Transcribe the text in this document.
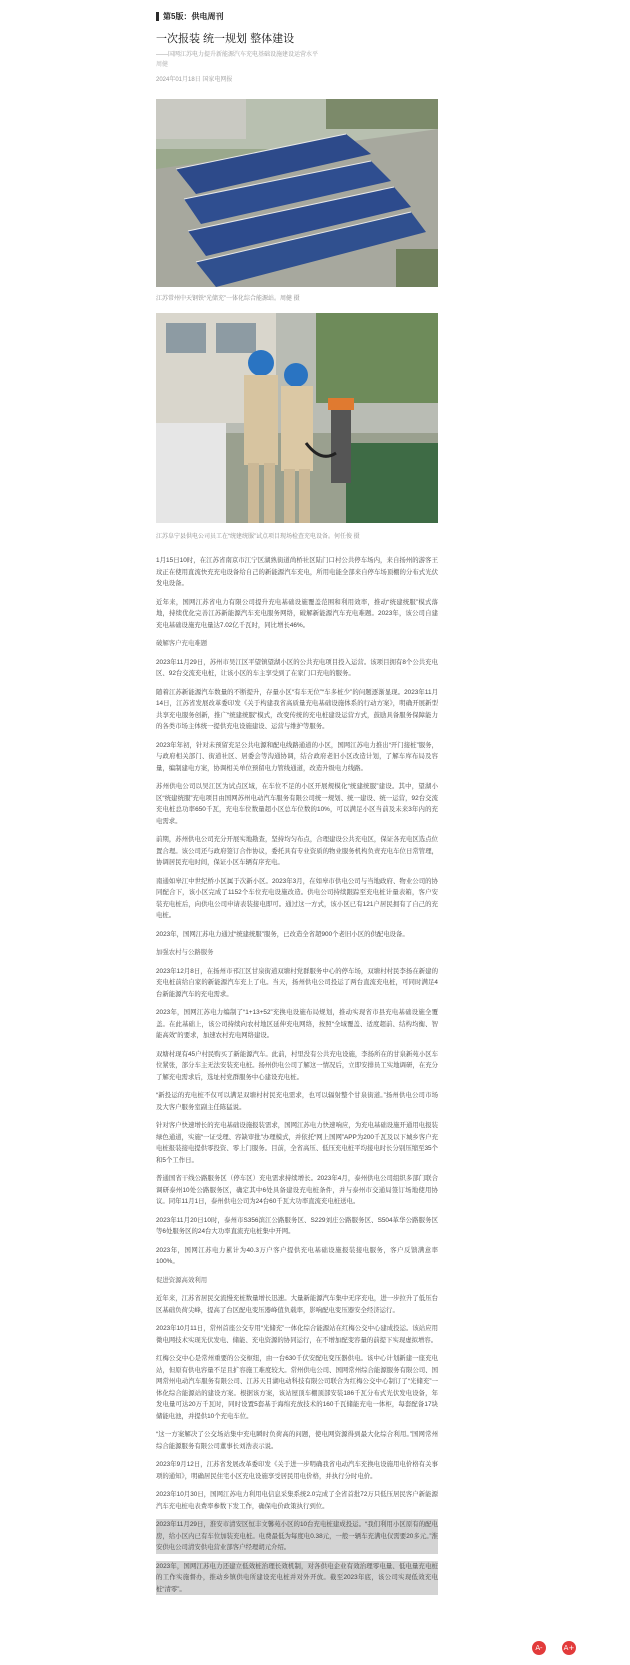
第5版：供电周刊
一次报装 统一规划 整体建设
——国网江苏电力提升新能源汽车充电基础设施建设运营水平
周健
2024年01月18日 国家电网报
江苏常州中天钢铁“光储充”一体化综合能源站。周健 摄
江苏阜宁县供电公司员工在“统建统服”试点项目现场检查充电设备。何任俊 摄

1月15日10时，在江苏省南京市江宁区湖熟街道尚桥社区陆门口村公共停车场内，来自扬州的游客王玟正在使用直流快充充电设备给自己的新能源汽车充电，所用电能全部来自停车场顶棚的分布式光伏发电设备。

近年来，国网江苏省电力有限公司提升充电基础设施覆盖范围和利用效率，推动“统建统服”模式落地，持续优化完善江苏新能源汽车充电服务网络，破解新能源汽车充电难题。2023年，该公司自建充电基础设施充电量达7.02亿千瓦时，同比增长46%。

破解客户充电难题

2023年11月29日，苏州市吴江区平望镇望湖小区的公共充电项目投入运营。该项目拥有8个公共充电区、92台交流充电桩，让该小区的车主享受到了在家门口充电的服务。

随着江苏新能源汽车数量的不断提升，存量小区“有车无位”“车多桩少”的问题逐渐显现。2023年11月14日，江苏省发展改革委印发《关于构建我省高质量充电基础设施体系的行动方案》，明确开展新型共享充电服务创新，推广“统建统服”模式，改变传统的充电桩建设运营方式，鼓励具备服务保障能力的各类市场主体统一提供充电设施建设、运营与维护等服务。

2023年年初，针对未预留充足公共电源和配电线路通道的小区，国网江苏电力推出“开门接桩”服务，与政府相关部门、街道社区、居委会等沟通协调，结合政府老旧小区改造计划，了解车库布局及容量，编制建电方案，协调相关单位预留电力管线通道，改造升级电力线路。

苏州供电公司以吴江区为试点区域，在车位不足的小区开展规模化“统建统服”建设。其中，望湖小区“统建统服”充电项目由国网苏州电动汽车服务有限公司统一规划、统一建设、统一运营，92台交流充电桩总功率650千瓦，充电车位数量超小区总车位数的10%，可以满足小区当前及未来3年内的充电需求。

前期，苏州供电公司充分开展实地勘查，坚持均匀布点，合理建设公共充电区，保证各充电区选点位置合理。该公司还与政府签订合作协议，委托具有专业资质的物业服务机构负责充电车位日常管理，协调居民充电时间，保证小区车辆有序充电。

南通如皋江中世纪桥小区属于次新小区。2023年3月，在如皋市供电公司与当地政府、物业公司的协同配合下，该小区完成了1152个车位充电设施改造。供电公司持续跟踪至充电桩计量表箱，客户安装充电桩后，向供电公司申请表装接电即可。通过这一方式，该小区已有121户居民拥有了自己的充电桩。

2023年，国网江苏电力通过“统建统服”服务，已改造全省超900个老旧小区的供配电设备。

加强农村与公路服务

2023年12月8日，在扬州市邗江区甘泉街道双塘村党群服务中心的停车场，双塘村村民李扬在新建的充电桩前给自家的新能源汽车充上了电。当天，扬州供电公司投运了两台直流充电桩，可同时满足4台新能源汽车的充电需求。

2023年，国网江苏电力编制了“1+13+52”充换电设施布局规划，推动实现省市县充电基础设施全覆盖。在此基础上，该公司持续向农村地区延伸充电网络，按照“全域覆盖、适度超前、结构均衡、智能高效”的要求，加速农村充电网络建设。

双塘村现有45户村民购买了新能源汽车。此前，村里没有公共充电设施，李扬所在的甘泉新苑小区车位紧张，部分车主无法安装充电桩。扬州供电公司了解这一情况后，立即安排员工实地调研，在充分了解充电需求后，选址村党群服务中心建设充电桩。

“新投运的充电桩不仅可以满足双塘村村民充电需求，也可以辐射整个甘泉街道。”扬州供电公司市场及大客户服务室副主任陈猛说。

针对客户快速增长的充电基础设施报装需求，国网江苏电力快速响应，为充电基础设施开通用电报装绿色通道，实施“一证受理、容缺审批”办理模式，并依托“网上国网”APP为200千瓦及以下城乡客户充电桩报装接电提供零投资、零上门服务。目前，全省高压、低压充电桩平均接电时长分别压缩至35个和5个工作日。

普通国省干线公路服务区（停车区）充电需求持续增长。2023年4月，泰州供电公司组织多部门联合调研泰州10处公路服务区，确定其中6处具备建设充电桩条件，并与泰州市交通局签订场地使用协议。同年11月1日，泰州供电公司为24台60千瓦大功率直流充电桩送电。

2023年11月20日10时，泰州市S356滨江公路服务区、S229刘庄公路服务区、S504革华公路服务区等6处服务区的24台大功率直流充电桩集中开网。

2023年，国网江苏电力累计为40.3万户客户提供充电基础设施报装接电服务，客户反馈满意率100%。

促进资源高效利用

近年来，江苏省居民交流慢充桩数量增长迅速。大量新能源汽车集中无序充电，进一步拉升了低压台区基础负荷尖峰，提高了台区配电变压器峰值负载率，影响配电变压器安全经济运行。

2023年10月11日，常州首座公交专用“光储充”一体化综合能源站在红梅公交中心建成投运。该站应用微电网技术实现光伏发电、储能、充电资源的协同运行，在不增加配变容量的前提下实现虚拟增容。

红梅公交中心是常州重要的公交枢纽，由一台630千伏安配电变压器供电。该中心计划新建一座充电站，但原有供电容量不足且扩容施工难度较大。常州供电公司、国网常州综合能源服务有限公司、国网常州电动汽车服务有限公司、江苏天目湖电动科技有限公司联合为红梅公交中心制订了“光储充”一体化综合能源站的建设方案。根据该方案，该站屋顶车棚顶部安装186千瓦分布式光伏发电设备，年发电量可达20万千瓦时，同时设置5套基于海绵充放技术的160千瓦储能充电一体柜，每套配备17块储能电池，并提供10个充电车位。

“这一方案解决了公交场站集中充电瞬时负荷高的问题，使电网资源得到最大化综合利用。”国网常州综合能源服务有限公司董事长刘浩表示说。

2023年9月12日，江苏省发展改革委印发《关于进一步明确我省电动汽车充换电设施用电价格有关事项的通知》，明确居民住宅小区充电设施享受居民用电价格，并执行分时电价。

2023年10月30日，国网江苏电力利用电信息采集系统2.0完成了全省首批72万只低压居民客户新能源汽车充电桩电表费率参数下发工作，确保电价政策执行到位。

2023年11月29日，淮安市清安区恒丰文馨苑小区的10台充电桩建成投运。“我们利用小区原有的配电房，给小区内已有车位加装充电桩。电费最低为每度电0.38元，一般一辆车充满电仅需要20多元。”淮安供电公司清安供电营业部客户经理胡元介绍。

2023年，国网江苏电力还建立低效桩治理长效机制，对各供电企业有效治理零电量、低电量充电桩的工作实施督办，推动乡镇供电所建设充电桩并对外开放。截至2023年底，该公司实现低效充电桩“清零”。

A-	A+
